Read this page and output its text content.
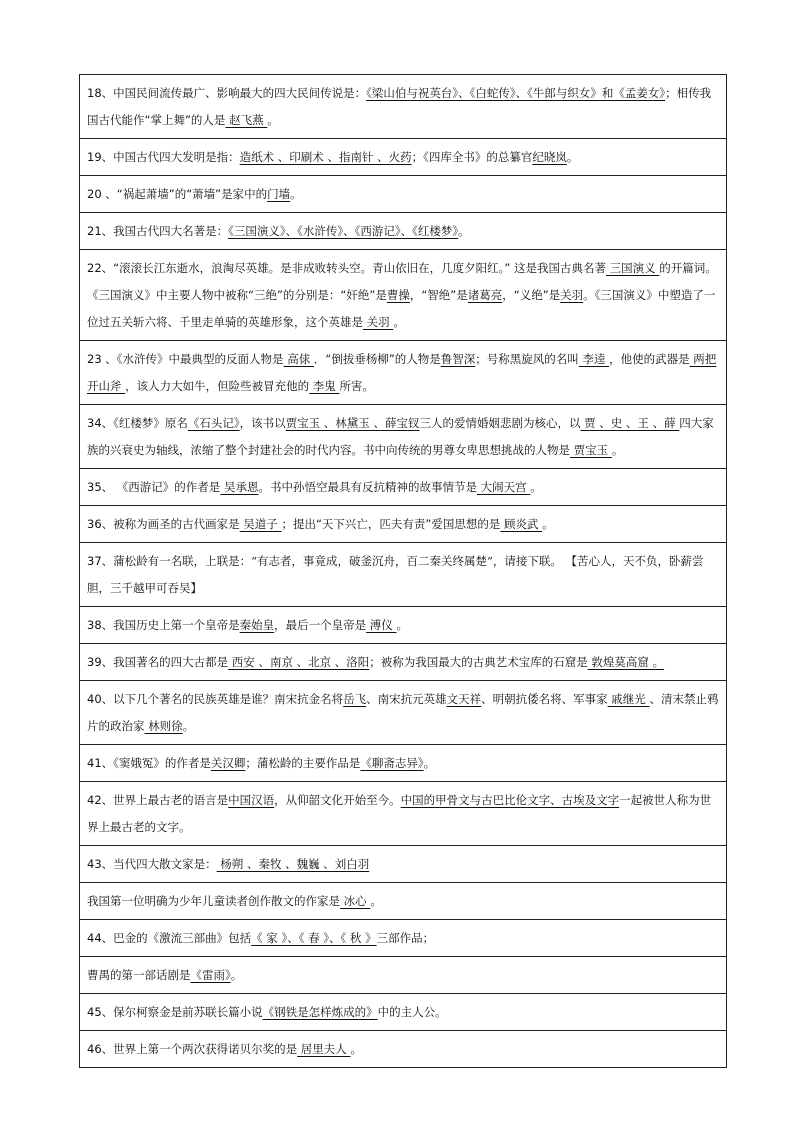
18、中国民间流传最广、影响最大的四大民间传说是：《梁山伯与祝英台》、《白蛇传》、《牛郎与织女》和《孟姜女》；相传我国古代能作“掌上舞”的人是 赵飞燕 。
19、中国古代四大发明是指：造纸术 、印刷术 、指南针 、火药；《四库全书》的总纂官纪晓岚。
20 、“祸起萧墙”的“萧墙”是家中的门墙。
21、我国古代四大名著是：《三国演义》、《水浒传》、《西游记》、《红楼梦》。
22、“滚滚长江东逝水，浪淘尽英雄。是非成败转头空。青山依旧在，几度夕阳红。” 这是我国古典名著 三国演义 的开篇词。《三国演义》中主要人物中被称“三绝”的分别是：“奸绝”是曹操，“智绝”是诸葛亮，“义绝”是关羽。《三国演义》中塑造了一位过五关斩六将、千里走单骑的英雄形象，这个英雄是 关羽 。
23 、《水浒传》中最典型的反面人物是 高俅 ．“倒拔垂杨柳”的人物是鲁智深；号称黑旋风的名叫 李逵 ，他使的武器是 两把开山斧 ，该人力大如牛，但险些被冒充他的 李鬼 所害。
34、《红楼梦》原名《石头记》，该书以贾宝玉 、林黛玉 、薛宝钗三人的爱情婚姻悲剧为核心，以 贾 、史 、王 、薛 四大家族的兴衰史为轴线，浓缩了整个封建社会的时代内容。书中向传统的男尊女卑思想挑战的人物是 贾宝玉 。
35、 《西游记》的作者是 吴承恩。书中孙悟空最具有反抗精神的故事情节是 大闹天宫 。
36、被称为画圣的古代画家是 吴道子 ；提出“天下兴亡，匹夫有责”爱国思想的是 顾炎武 。
37、蒲松龄有一名联，上联是：“有志者，事竟成，破釜沉舟，百二秦关终属楚”，请接下联。 【苦心人，天不负，卧薪尝胆，三千越甲可吞吴】
38、我国历史上第一个皇帝是秦始皇，最后一个皇帝是 溥仪 。
39、我国著名的四大古都是 西安 、南京 、北京 、洛阳；被称为我国最大的古典艺术宝库的石窟是 敦煌莫高窟 。
40、以下几个著名的民族英雄是谁？南宋抗金名将岳飞、南宋抗元英雄文天祥、明朝抗倭名将、军事家 戚继光 、清末禁止鸦片的政治家 林则徐。
41、《窦娥冤》的作者是关汉卿；蒲松龄的主要作品是《聊斋志异》。
42、世界上最古老的语言是中国汉语，从仰韶文化开始至今。中国的甲骨文与古巴比伦文字、古埃及文字一起被世人称为世界上最古老的文字。
43、当代四大散文家是： 杨朔 、秦牧 、魏巍 、刘白羽
我国第一位明确为少年儿童读者创作散文的作家是 冰心 。
44、巴金的《激流三部曲》包括《 家 》、《 春 》、《 秋 》三部作品；
曹禺的第一部话剧是《雷雨》。
45、保尔柯察金是前苏联长篇小说《钢铁是怎样炼成的》中的主人公。
46、世界上第一个两次获得诺贝尔奖的是 居里夫人 。
